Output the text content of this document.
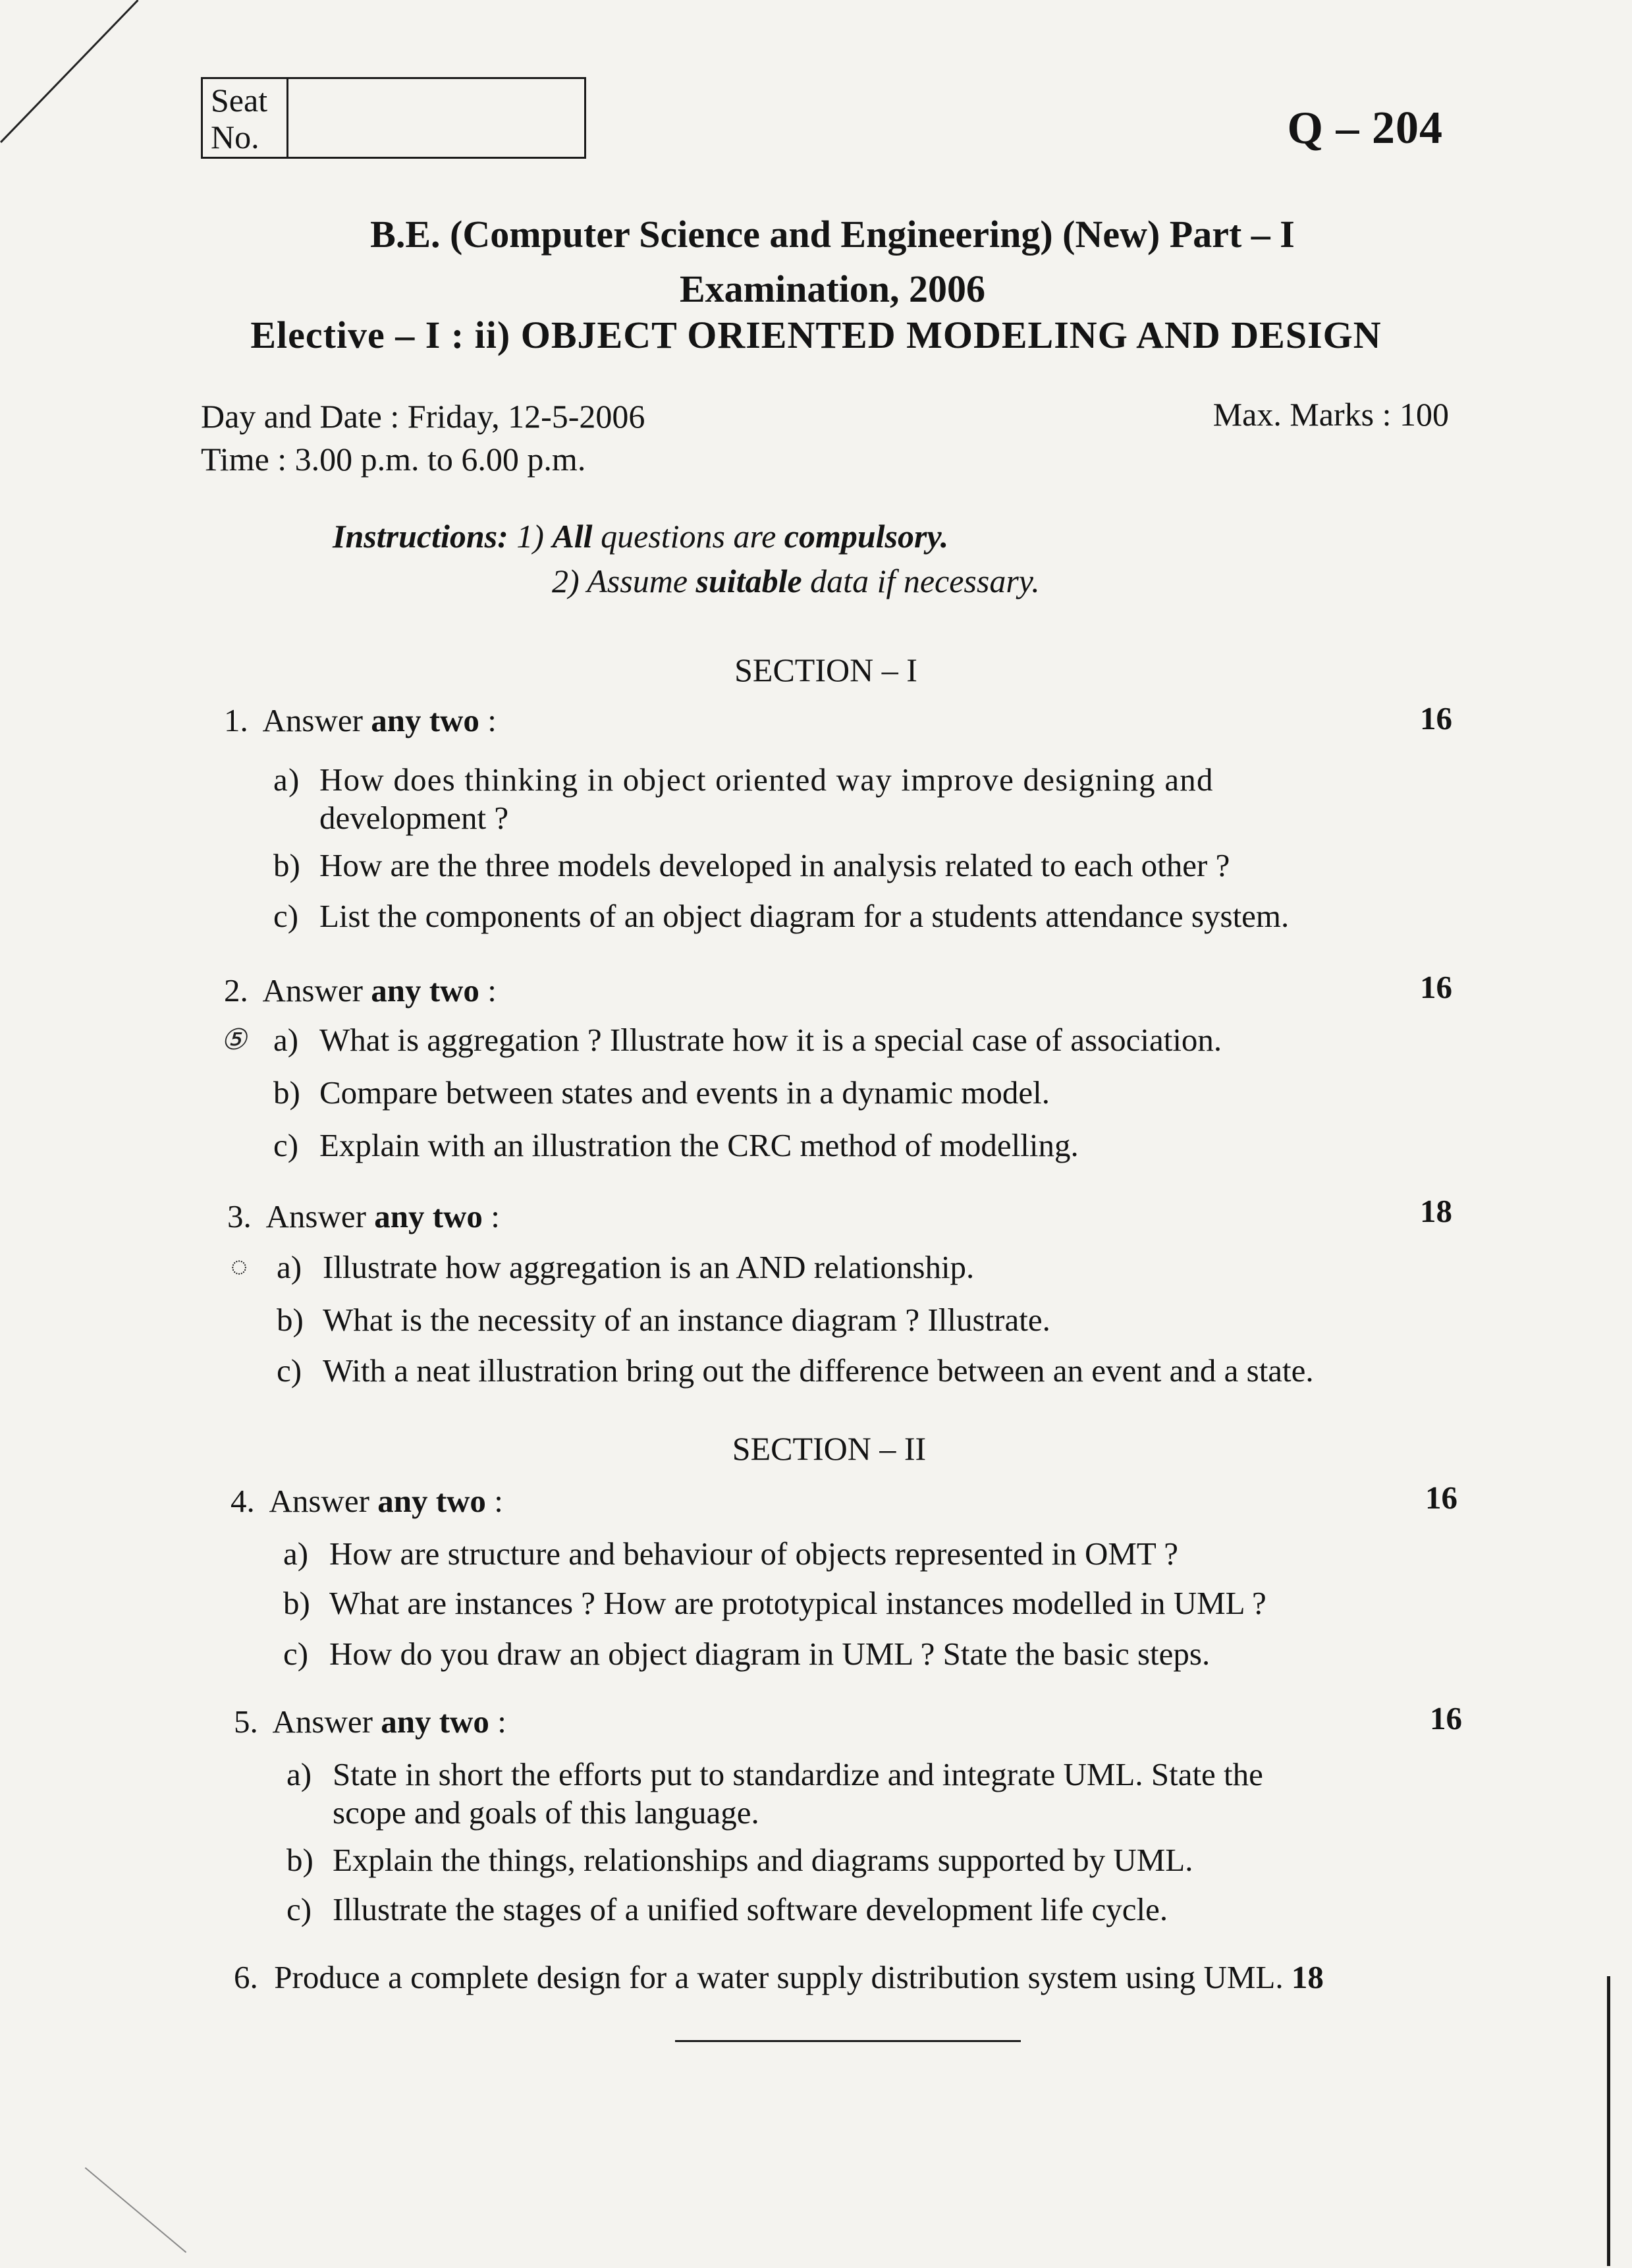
Seat
No.	Q – 204
B.E. (Computer Science and Engineering) (New) Part – I
Examination, 2006
Elective – I : ii) OBJECT ORIENTED MODELING AND DESIGN
Day and Date : Friday, 12-5-2006
Time : 3.00 p.m. to 6.00 p.m.
Max. Marks : 100
Instructions: 1) All questions are compulsory.
2) Assume suitable data if necessary.
SECTION – I
1. Answer any two :	16
a) How does thinking in object oriented way improve designing and
development ?
b) How are the three models developed in analysis related to each other ?
c) List the components of an object diagram for a students attendance system.
2. Answer any two :	16
⑤ a) What is aggregation ? Illustrate how it is a special case of association.
b) Compare between states and events in a dynamic model.
c) Explain with an illustration the CRC method of modelling.
3. Answer any two :	18
◌ a) Illustrate how aggregation is an AND relationship.
b) What is the necessity of an instance diagram ? Illustrate.
c) With a neat illustration bring out the difference between an event and a state.
SECTION – II
4. Answer any two :	16
a) How are structure and behaviour of objects represented in OMT ?
b) What are instances ? How are prototypical instances modelled in UML ?
c) How do you draw an object diagram in UML ? State the basic steps.
5. Answer any two :	16
a) State in short the efforts put to standardize and integrate UML. State the
scope and goals of this language.
b) Explain the things, relationships and diagrams supported by UML.
c) Illustrate the stages of a unified software development life cycle.
6. Produce a complete design for a water supply distribution system using UML. 18
